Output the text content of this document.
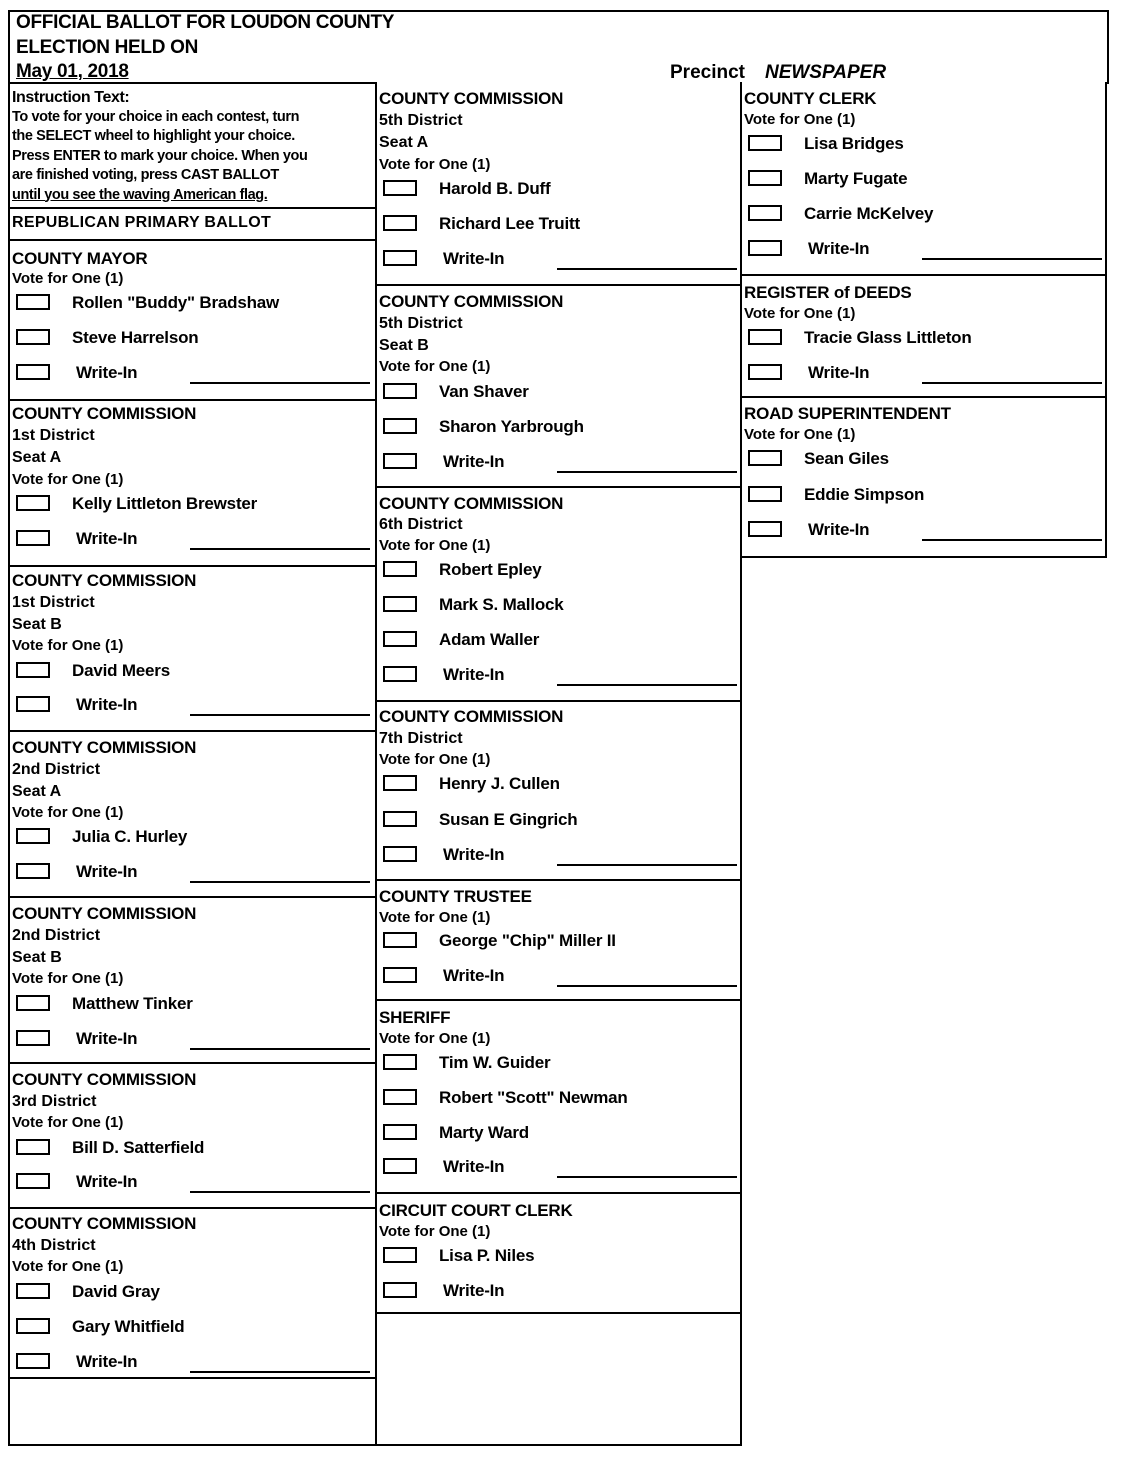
OFFICIAL BALLOT FOR LOUDON COUNTY
ELECTION HELD ON
May 01, 2018	Precinct NEWSPAPER
Instruction Text:
To vote for your choice in each contest, turn
the SELECT wheel to highlight your choice.
Press ENTER to mark your choice. When you
are finished voting, press CAST BALLOT
until you see the waving American flag.
REPUBLICAN PRIMARY BALLOT
COUNTY MAYOR
Vote for One (1)
Rollen "Buddy" Bradshaw
Steve Harrelson
Write-In
COUNTY COMMISSION
1st District
Seat A
Vote for One (1)
Kelly Littleton Brewster
Write-In
COUNTY COMMISSION
1st District
Seat B
Vote for One (1)
David Meers
Write-In
COUNTY COMMISSION
2nd District
Seat A
Vote for One (1)
Julia C. Hurley
Write-In
COUNTY COMMISSION
2nd District
Seat B
Vote for One (1)
Matthew Tinker
Write-In
COUNTY COMMISSION
3rd District
Vote for One (1)
Bill D. Satterfield
Write-In
COUNTY COMMISSION
4th District
Vote for One (1)
David Gray
Gary Whitfield
Write-In
COUNTY COMMISSION
5th District
Seat A
Vote for One (1)
Harold B. Duff
Richard Lee Truitt
Write-In
COUNTY COMMISSION
5th District
Seat B
Vote for One (1)
Van Shaver
Sharon Yarbrough
Write-In
COUNTY COMMISSION
6th District
Vote for One (1)
Robert Epley
Mark S. Mallock
Adam Waller
Write-In
COUNTY COMMISSION
7th District
Vote for One (1)
Henry J. Cullen
Susan E Gingrich
Write-In
COUNTY TRUSTEE
Vote for One (1)
George "Chip" Miller II
Write-In
SHERIFF
Vote for One (1)
Tim W. Guider
Robert "Scott" Newman
Marty Ward
Write-In
CIRCUIT COURT CLERK
Vote for One (1)
Lisa P. Niles
Write-In
COUNTY CLERK
Vote for One (1)
Lisa Bridges
Marty Fugate
Carrie McKelvey
Write-In
REGISTER of DEEDS
Vote for One (1)
Tracie Glass Littleton
Write-In
ROAD SUPERINTENDENT
Vote for One (1)
Sean Giles
Eddie Simpson
Write-In
